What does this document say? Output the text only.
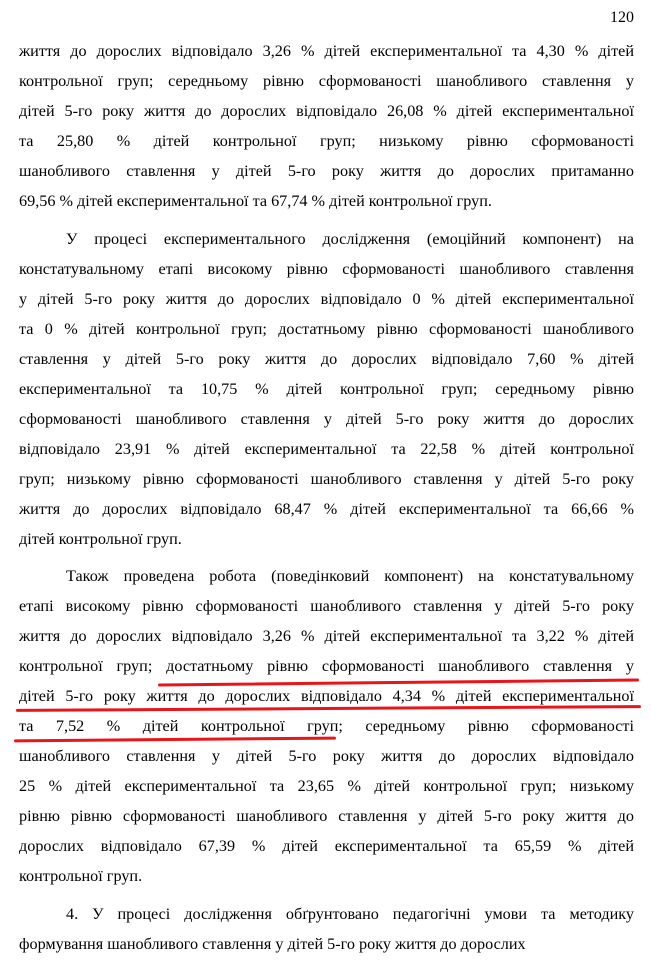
120
життя до дорослих відповідало 3,26 % дітей експериментальної та 4,30 % дітей
контрольної груп; середньому рівню сформованості шанобливого ставлення у
дітей 5-го року життя до дорослих відповідало 26,08 % дітей експериментальної
та 25,80 % дітей контрольної груп; низькому рівню сформованості
шанобливого ставлення у дітей 5-го року життя до дорослих притаманно
69,56 % дітей експериментальної та 67,74 % дітей контрольної груп.
У процесі експериментального дослідження (емоційний компонент) на
констатувальному етапі високому рівню сформованості шанобливого ставлення
у дітей 5-го року життя до дорослих відповідало 0 % дітей експериментальної
та 0 % дітей контрольної груп; достатньому рівню сформованості шанобливого
ставлення у дітей 5-го року життя до дорослих відповідало 7,60 % дітей
експериментальної та 10,75 % дітей контрольної груп; середньому рівню
сформованості шанобливого ставлення у дітей 5-го року життя до дорослих
відповідало 23,91 % дітей експериментальної та 22,58 % дітей контрольної
груп; низькому рівню сформованості шанобливого ставлення у дітей 5-го року
життя до дорослих відповідало 68,47 % дітей експериментальної та 66,66 %
дітей контрольної груп.
Також проведена робота (поведінковий компонент) на констатувальному
етапі високому рівню сформованості шанобливого ставлення у дітей 5-го року
життя до дорослих відповідало 3,26 % дітей експериментальної та 3,22 % дітей
контрольної груп; достатньому рівню сформованості шанобливого ставлення у
дітей 5-го року життя до дорослих відповідало 4,34 % дітей експериментальної
та 7,52 % дітей контрольної груп; середньому рівню сформованості
шанобливого ставлення у дітей 5-го року життя до дорослих відповідало
25 % дітей експериментальної та 23,65 % дітей контрольної груп; низькому
рівню рівню сформованості шанобливого ставлення у дітей 5-го року життя до
дорослих відповідало 67,39 % дітей експериментальної та 65,59 % дітей
контрольної груп.
4. У процесі дослідження обґрунтовано педагогічні умови та методику
формування шанобливого ставлення у дітей 5-го року життя до дорослих
